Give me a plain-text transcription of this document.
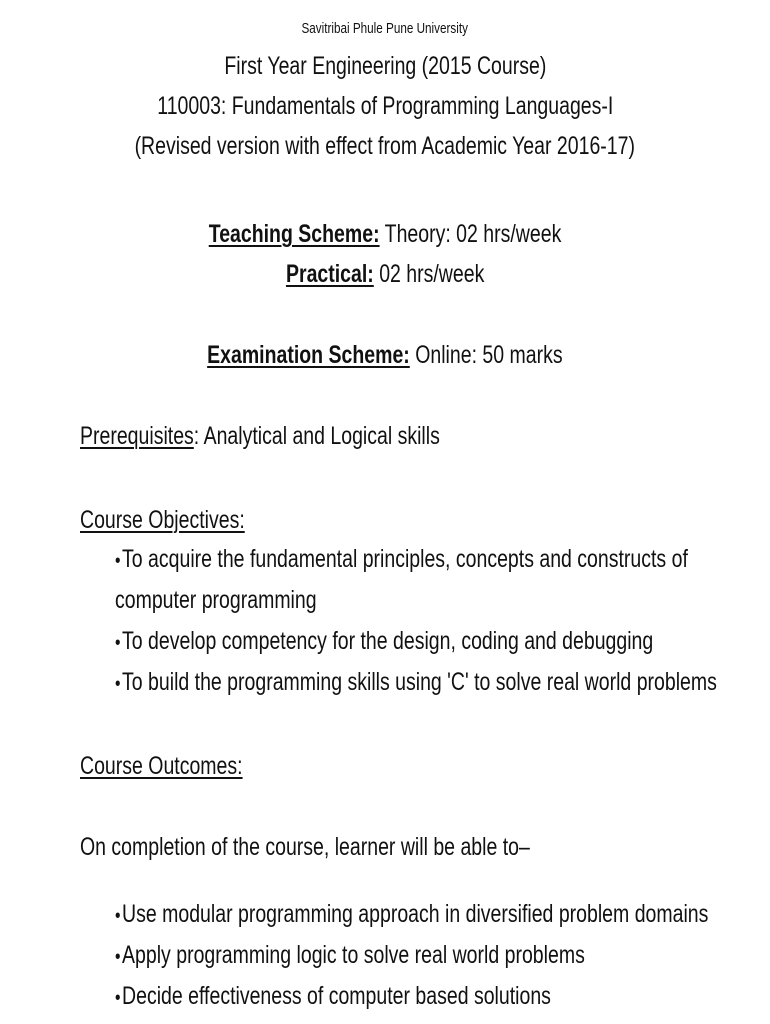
Savitribai Phule Pune University
First Year Engineering (2015 Course)
110003: Fundamentals of Programming Languages-I
(Revised version with effect from Academic Year 2016-17)
Teaching Scheme: Theory: 02 hrs/week
Practical: 02 hrs/week
Examination Scheme: Online: 50 marks
Prerequisites: Analytical and Logical skills
Course Objectives:
•To acquire the fundamental principles, concepts and constructs of
computer programming
•To develop competency for the design, coding and debugging
•To build the programming skills using 'C' to solve real world problems
Course Outcomes:
On completion of the course, learner will be able to–
•Use modular programming approach in diversified problem domains
•Apply programming logic to solve real world problems
•Decide effectiveness of computer based solutions
